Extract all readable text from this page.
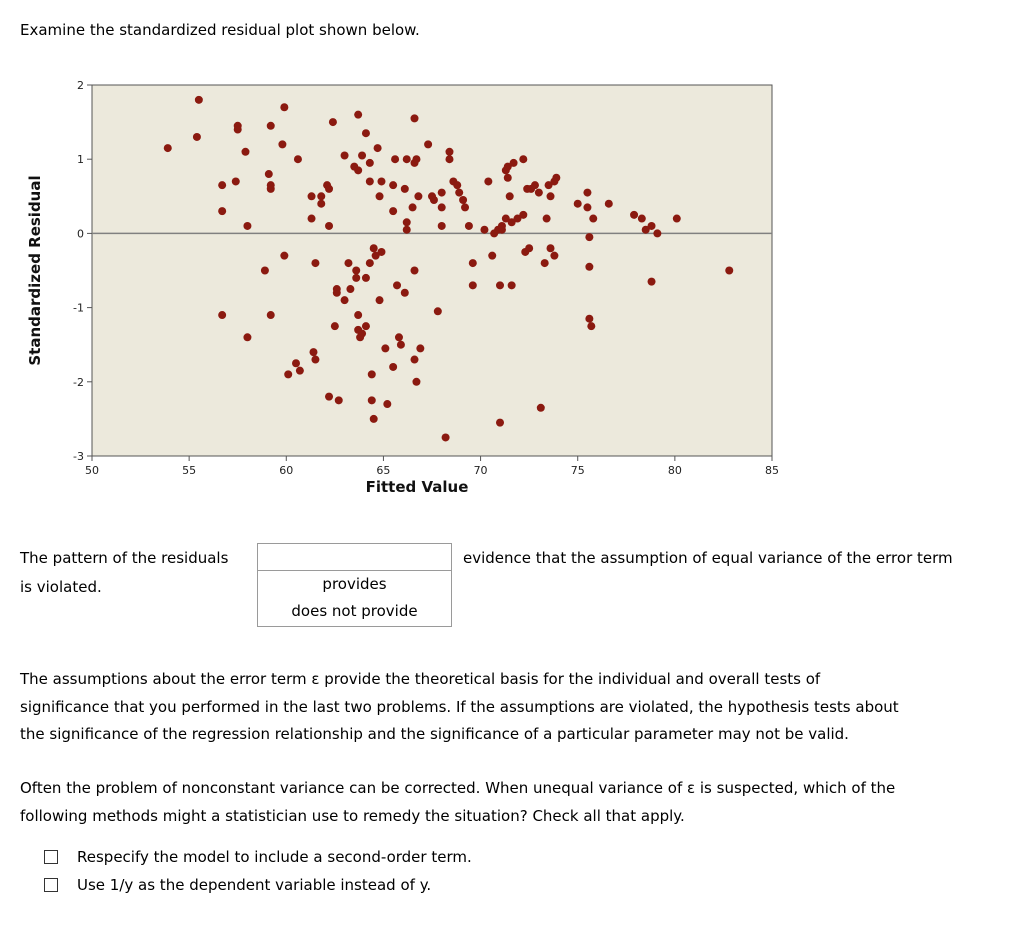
Examine the standardized residual plot shown below.
50	55	60	65	70	75	80	85
2
1
0
-1
-2
-3
Fitted Value
Standardized Residual
The pattern of the residuals
provides
does not provide
evidence that the assumption of equal variance of the error term
is violated.
The assumptions about the error term ε provide the theoretical basis for the individual and overall tests of
significance that you performed in the last two problems. If the assumptions are violated, the hypothesis tests about
the significance of the regression relationship and the significance of a particular parameter may not be valid.
Often the problem of nonconstant variance can be corrected. When unequal variance of ε is suspected, which of the
following methods might a statistician use to remedy the situation? Check all that apply.
Respecify the model to include a second-order term.
Use 1/y as the dependent variable instead of y.
